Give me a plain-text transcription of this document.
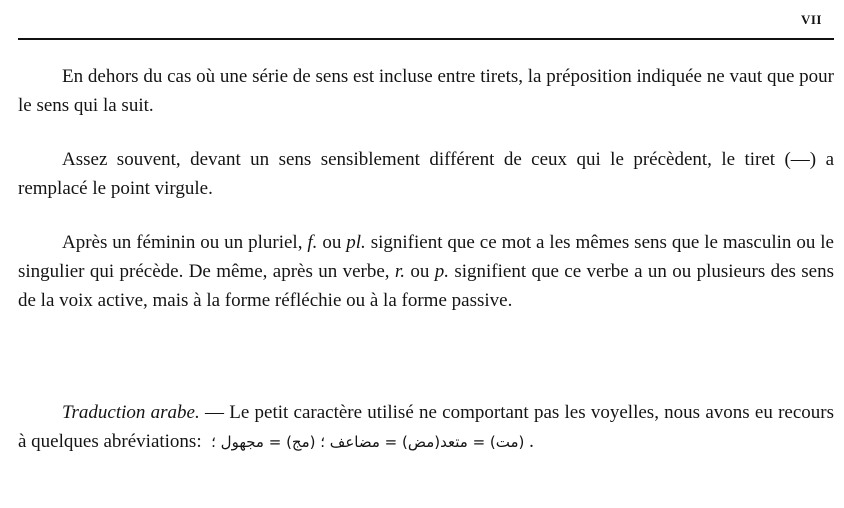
VII

En dehors du cas où une série de sens est incluse entre tirets, la préposition indiquée ne vaut que pour le sens qui la suit.

Assez souvent, devant un sens sensiblement différent de ceux qui le précèdent, le tiret (—) a remplacé le point virgule.

Après un féminin ou un pluriel, f. ou pl. signifient que ce mot a les mêmes sens que le masculin ou le singulier qui précède. De même, après un verbe, r. ou p. signifient que ce verbe a un ou plusieurs des sens de la voix active, mais à la forme réfléchie ou à la forme passive.

Traduction arabe. — Le petit caractère utilisé ne comportant pas les voyelles, nous avons eu recours à quelques abréviations:	(مض) = مضاعف ؛ (مج) = مجهول ؛	(مت) = متعد	.
